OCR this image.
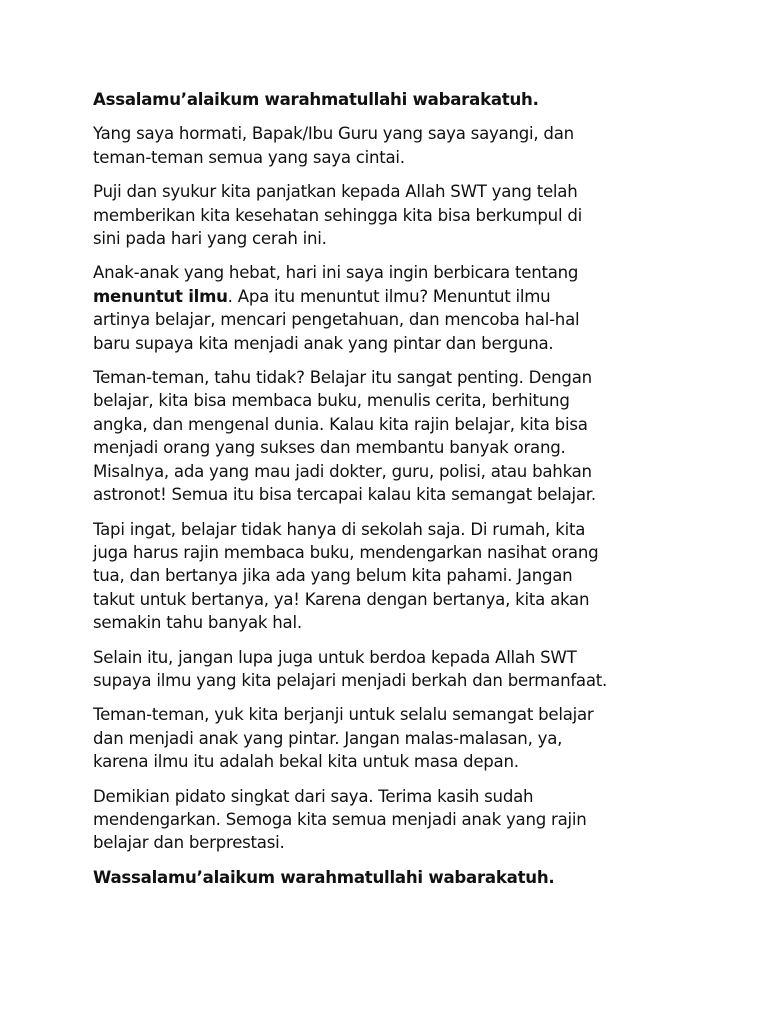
Assalamu’alaikum warahmatullahi wabarakatuh.

Yang saya hormati, Bapak/Ibu Guru yang saya sayangi, dan
teman-teman semua yang saya cintai.

Puji dan syukur kita panjatkan kepada Allah SWT yang telah
memberikan kita kesehatan sehingga kita bisa berkumpul di
sini pada hari yang cerah ini.

Anak-anak yang hebat, hari ini saya ingin berbicara tentang
menuntut ilmu. Apa itu menuntut ilmu? Menuntut ilmu
artinya belajar, mencari pengetahuan, dan mencoba hal-hal
baru supaya kita menjadi anak yang pintar dan berguna.

Teman-teman, tahu tidak? Belajar itu sangat penting. Dengan
belajar, kita bisa membaca buku, menulis cerita, berhitung
angka, dan mengenal dunia. Kalau kita rajin belajar, kita bisa
menjadi orang yang sukses dan membantu banyak orang.
Misalnya, ada yang mau jadi dokter, guru, polisi, atau bahkan
astronot! Semua itu bisa tercapai kalau kita semangat belajar.

Tapi ingat, belajar tidak hanya di sekolah saja. Di rumah, kita
juga harus rajin membaca buku, mendengarkan nasihat orang
tua, dan bertanya jika ada yang belum kita pahami. Jangan
takut untuk bertanya, ya! Karena dengan bertanya, kita akan
semakin tahu banyak hal.

Selain itu, jangan lupa juga untuk berdoa kepada Allah SWT
supaya ilmu yang kita pelajari menjadi berkah dan bermanfaat.

Teman-teman, yuk kita berjanji untuk selalu semangat belajar
dan menjadi anak yang pintar. Jangan malas-malasan, ya,
karena ilmu itu adalah bekal kita untuk masa depan.

Demikian pidato singkat dari saya. Terima kasih sudah
mendengarkan. Semoga kita semua menjadi anak yang rajin
belajar dan berprestasi.

Wassalamu’alaikum warahmatullahi wabarakatuh.
